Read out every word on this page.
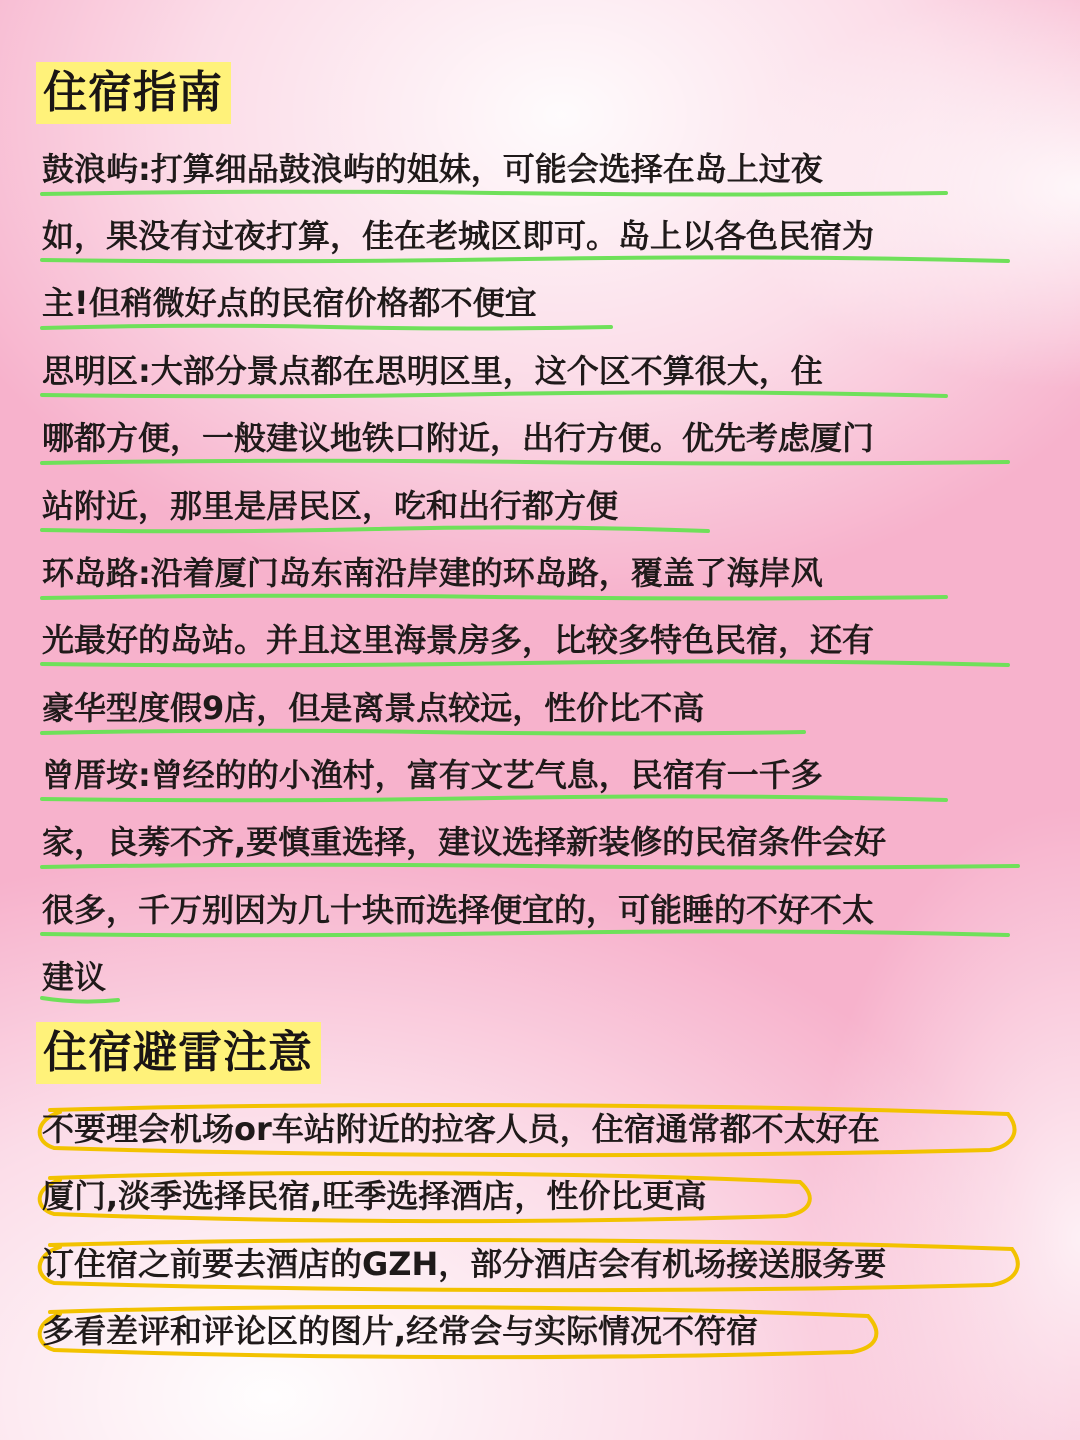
住宿指南
鼓浪屿:打算细品鼓浪屿的姐妹，可能会选择在岛上过夜
如，果没有过夜打算，佳在老城区即可。岛上以各色民宿为
主!但稍微好点的民宿价格都不便宜
思明区:大部分景点都在思明区里，这个区不算很大，住
哪都方便，一般建议地铁口附近，出行方便。优先考虑厦门
站附近，那里是居民区，吃和出行都方便
环岛路:沿着厦门岛东南沿岸建的环岛路，覆盖了海岸风
光最好的岛站。并且这里海景房多，比较多特色民宿，还有
豪华型度假9店，但是离景点较远，性价比不高
曾厝垵:曾经的的小渔村，富有文艺气息，民宿有一千多
家，良莠不齐,要慎重选择，建议选择新装修的民宿条件会好
很多，千万别因为几十块而选择便宜的，可能睡的不好不太
建议
住宿避雷注意
不要理会机场or车站附近的拉客人员，住宿通常都不太好在
厦门,淡季选择民宿,旺季选择酒店，性价比更高
订住宿之前要去酒店的GZH，部分酒店会有机场接送服务要
多看差评和评论区的图片,经常会与实际情况不符宿
